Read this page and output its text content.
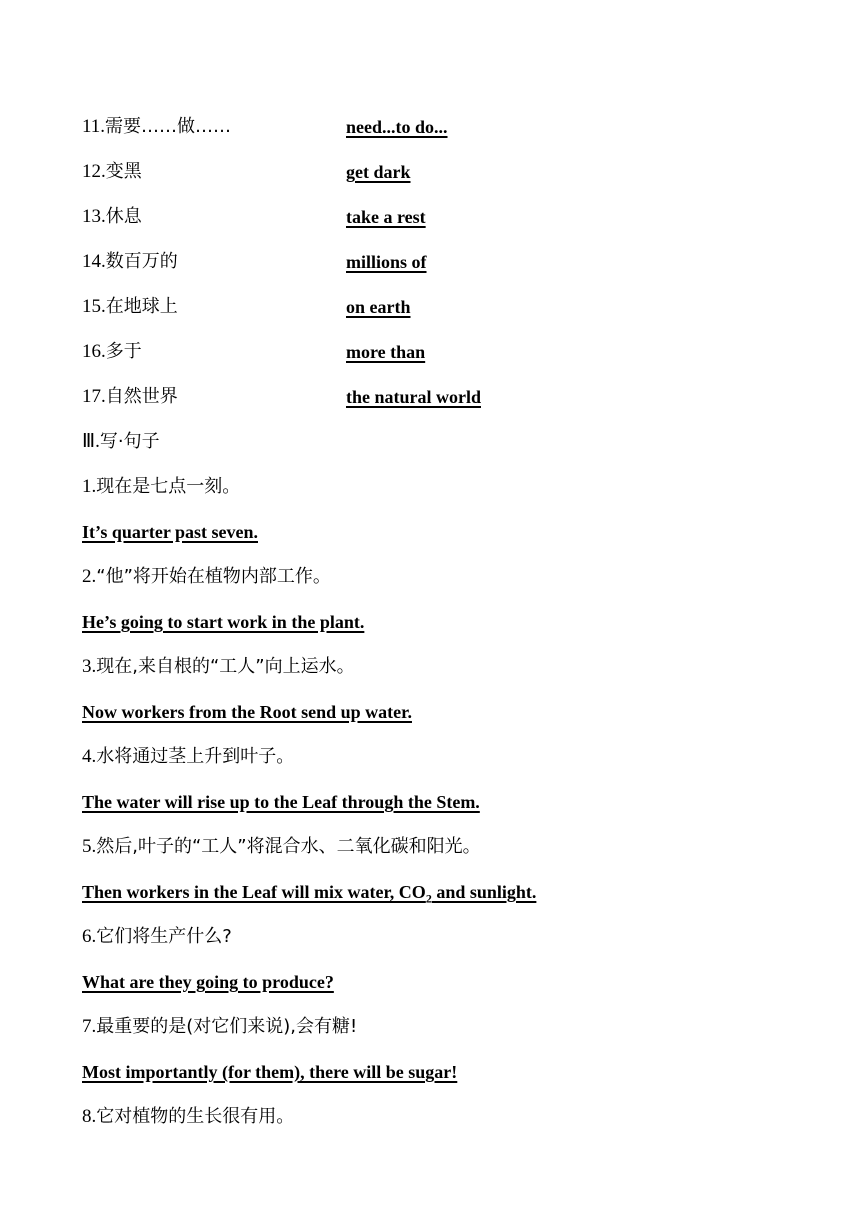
11.需要……做……	need...to do...
12.变黑	get dark
13.休息	take a rest
14.数百万的	millions of
15.在地球上	on earth
16.多于	more than
17.自然世界	the natural world
Ⅲ.写·句子
1.现在是七点一刻。
It’s quarter past seven.
2.“他”将开始在植物内部工作。
He’s going to start work in the plant.
3.现在,来自根的“工人”向上运水。
Now workers from the Root send up water.
4.水将通过茎上升到叶子。
The water will rise up to the Leaf through the Stem.
5.然后,叶子的“工人”将混合水、二氧化碳和阳光。
Then workers in the Leaf will mix water, $CO_2$ and sunlight.
6.它们将生产什么?
What are they going to produce?
7.最重要的是(对它们来说),会有糖!
Most importantly (for them), there will be sugar!
8.它对植物的生长很有用。
